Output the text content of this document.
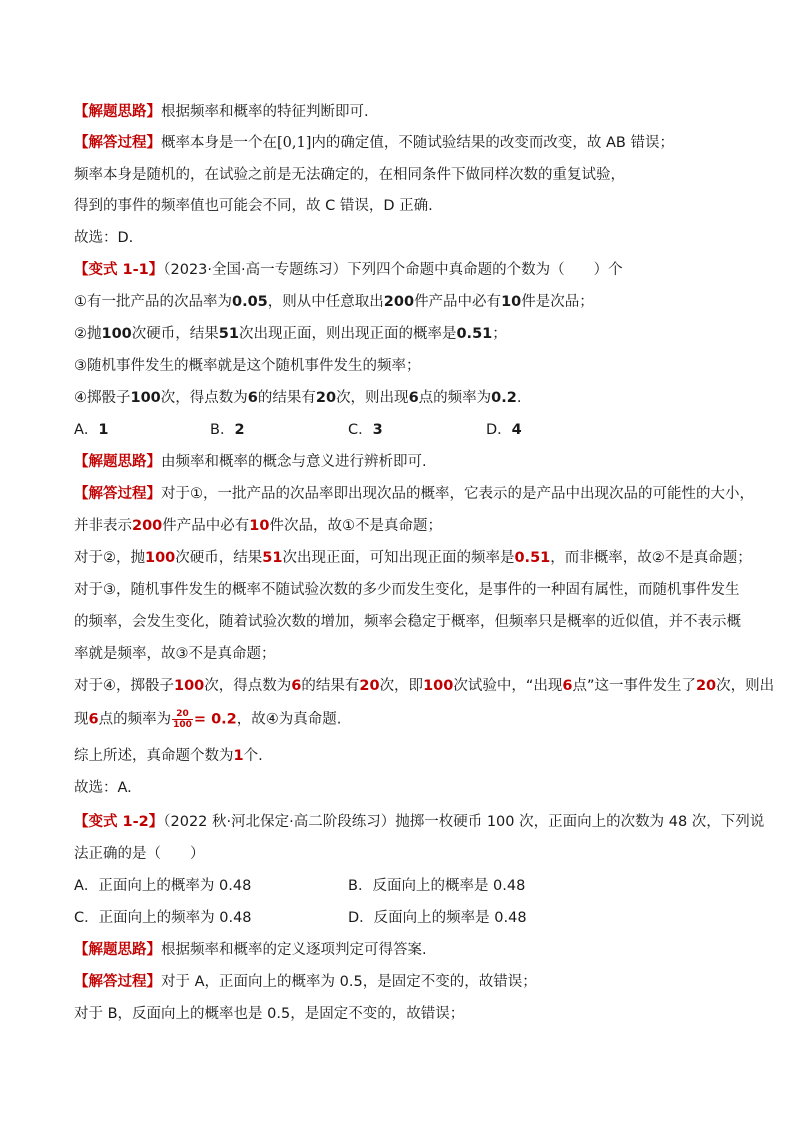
【解题思路】根据频率和概率的特征判断即可.
【解答过程】概率本身是一个在[0,1]内的确定值，不随试验结果的改变而改变，故 AB 错误；
频率本身是随机的，在试验之前是无法确定的，在相同条件下做同样次数的重复试验，
得到的事件的频率值也可能会不同，故 C 错误，D 正确.
故选：D.
【变式 1-1】（2023·全国·高一专题练习）下列四个命题中真命题的个数为（　　）个
①有一批产品的次品率为0.05，则从中任意取出200件产品中必有10件是次品；
②抛100次硬币，结果51次出现正面，则出现正面的概率是0.51；
③随机事件发生的概率就是这个随机事件发生的频率；
④掷骰子100次，得点数为6的结果有20次，则出现6点的频率为0.2.
A．1	B．2	C．3	D．4
【解题思路】由频率和概率的概念与意义进行辨析即可.
【解答过程】对于①，一批产品的次品率即出现次品的概率，它表示的是产品中出现次品的可能性的大小，
并非表示200件产品中必有10件次品，故①不是真命题；
对于②，抛100次硬币，结果51次出现正面，可知出现正面的频率是0.51，而非概率，故②不是真命题；
对于③，随机事件发生的概率不随试验次数的多少而发生变化，是事件的一种固有属性，而随机事件发生
的频率，会发生变化，随着试验次数的增加，频率会稳定于概率，但频率只是概率的近似值，并不表示概
率就是频率，故③不是真命题；
对于④，掷骰子100次，得点数为6的结果有20次，即100次试验中，“出现6点”这一事件发生了20次，则出
现6点的频率为 $\frac{20}{100} = 0.2$，故④为真命题.
综上所述，真命题个数为1个.
故选：A.
【变式 1-2】（2022 秋·河北保定·高二阶段练习）抛掷一枚硬币 100 次，正面向上的次数为 48 次，下列说
法正确的是（　　）
A．正面向上的概率为 0.48	B．反面向上的概率是 0.48
C．正面向上的频率为 0.48	D．反面向上的频率是 0.48
【解题思路】根据频率和概率的定义逐项判定可得答案.
【解答过程】对于 A，正面向上的概率为 0.5，是固定不变的，故错误；
对于 B，反面向上的概率也是 0.5，是固定不变的，故错误；
